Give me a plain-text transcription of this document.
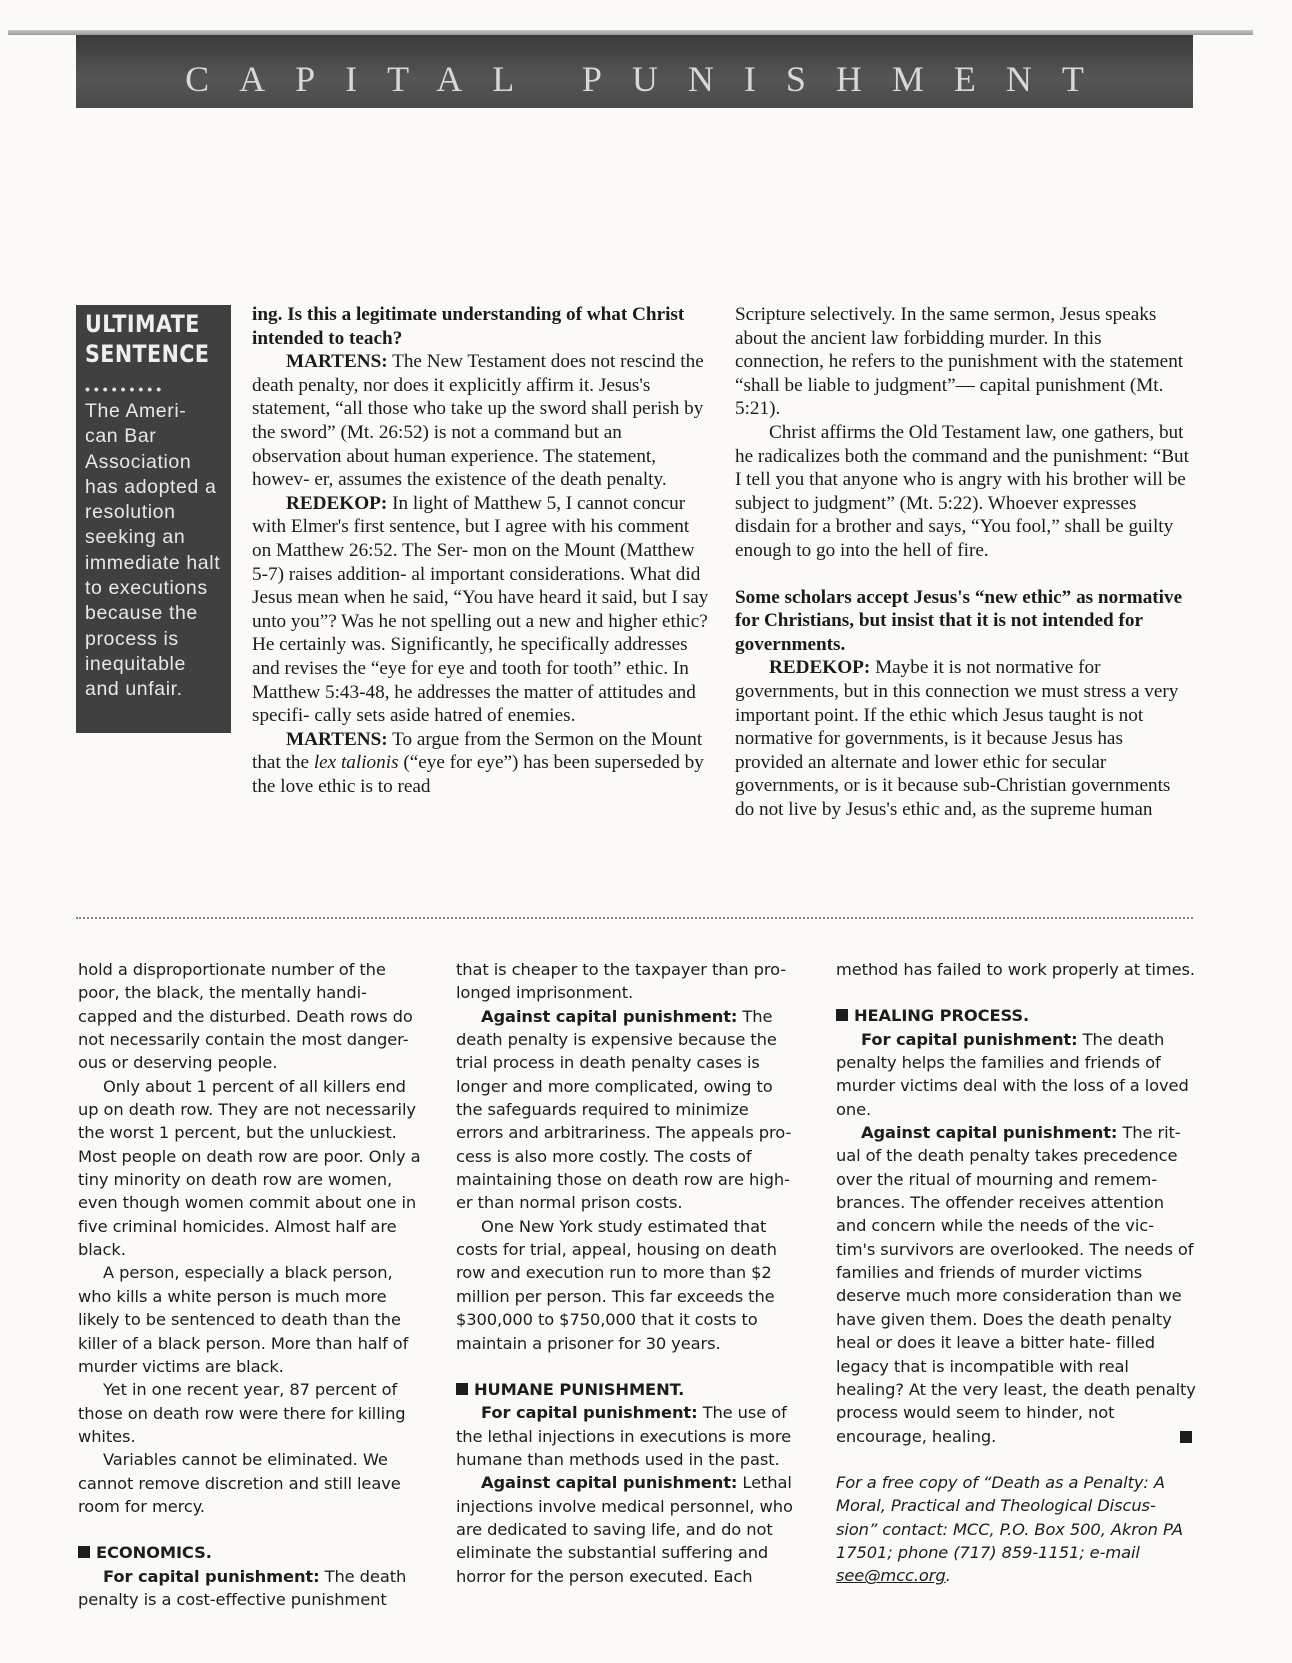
CAPITAL PUNISHMENT
ULTIMATE
SENTENCE
•••••••••
The Ameri- can Bar Association has adopted a resolution seeking an immediate halt to executions because the process is inequitable and unfair.

ing. Is this a legitimate understanding of what Christ intended to teach?

MARTENS: The New Testament does not rescind the death penalty, nor does it explicitly affirm it. Jesus's statement, “all those who take up the sword shall perish by the sword” (Mt. 26:52) is not a command but an observation about human experience. The statement, howev- er, assumes the existence of the death penalty.

REDEKOP: In light of Matthew 5, I cannot concur with Elmer's first sentence, but I agree with his comment on Matthew 26:52. The Ser- mon on the Mount (Matthew 5-7) raises addition- al important considerations. What did Jesus mean when he said, “You have heard it said, but I say unto you”? Was he not spelling out a new and higher ethic? He certainly was. Significantly, he specifically addresses and revises the “eye for eye and tooth for tooth” ethic. In Matthew 5:43-48, he addresses the matter of attitudes and specifi- cally sets aside hatred of enemies.

MARTENS: To argue from the Sermon on the Mount that the lex talionis (“eye for eye”) has been superseded by the love ethic is to read

Scripture selectively. In the same sermon, Jesus speaks about the ancient law forbidding murder. In this connection, he refers to the punishment with the statement “shall be liable to judgment”— capital punishment (Mt. 5:21).

Christ affirms the Old Testament law, one gathers, but he radicalizes both the command and the punishment: “But I tell you that anyone who is angry with his brother will be subject to judgment” (Mt. 5:22). Whoever expresses disdain for a brother and says, “You fool,” shall be guilty enough to go into the hell of fire.

Some scholars accept Jesus's “new ethic” as normative for Christians, but insist that it is not intended for governments.

REDEKOP: Maybe it is not normative for governments, but in this connection we must stress a very important point. If the ethic which Jesus taught is not normative for governments, is it because Jesus has provided an alternate and lower ethic for secular governments, or is it because sub-Christian governments do not live by Jesus's ethic and, as the supreme human

hold a disproportionate number of the poor, the black, the mentally handi- capped and the disturbed. Death rows do not necessarily contain the most danger- ous or deserving people.

Only about 1 percent of all killers end up on death row. They are not necessarily the worst 1 percent, but the unluckiest. Most people on death row are poor. Only a tiny minority on death row are women, even though women commit about one in five criminal homicides. Almost half are black.

A person, especially a black person, who kills a white person is much more likely to be sentenced to death than the killer of a black person. More than half of murder victims are black.

Yet in one recent year, 87 percent of those on death row were there for killing whites.

Variables cannot be eliminated. We cannot remove discretion and still leave room for mercy.

ECONOMICS.

For capital punishment: The death penalty is a cost-effective punishment

that is cheaper to the taxpayer than pro- longed imprisonment.

Against capital punishment: The death penalty is expensive because the trial process in death penalty cases is longer and more complicated, owing to the safeguards required to minimize errors and arbitrariness. The appeals pro- cess is also more costly. The costs of maintaining those on death row are high- er than normal prison costs.

One New York study estimated that costs for trial, appeal, housing on death row and execution run to more than $2 million per person. This far exceeds the $300,000 to $750,000 that it costs to maintain a prisoner for 30 years.

HUMANE PUNISHMENT.

For capital punishment: The use of the lethal injections in executions is more humane than methods used in the past.

Against capital punishment: Lethal injections involve medical personnel, who are dedicated to saving life, and do not eliminate the substantial suffering and horror for the person executed. Each

method has failed to work properly at times.

HEALING PROCESS.

For capital punishment: The death penalty helps the families and friends of murder victims deal with the loss of a loved one.

Against capital punishment: The rit- ual of the death penalty takes precedence over the ritual of mourning and remem- brances. The offender receives attention and concern while the needs of the vic- tim's survivors are overlooked. The needs of families and friends of murder victims deserve much more consideration than we have given them. Does the death penalty heal or does it leave a bitter hate- filled legacy that is incompatible with real healing? At the very least, the death penalty process would seem to hinder, not encourage, healing.

For a free copy of “Death as a Penalty: A Moral, Practical and Theological Discus- sion” contact: MCC, P.O. Box 500, Akron PA 17501; phone (717) 859-1151; e-mail see@mcc.org.
